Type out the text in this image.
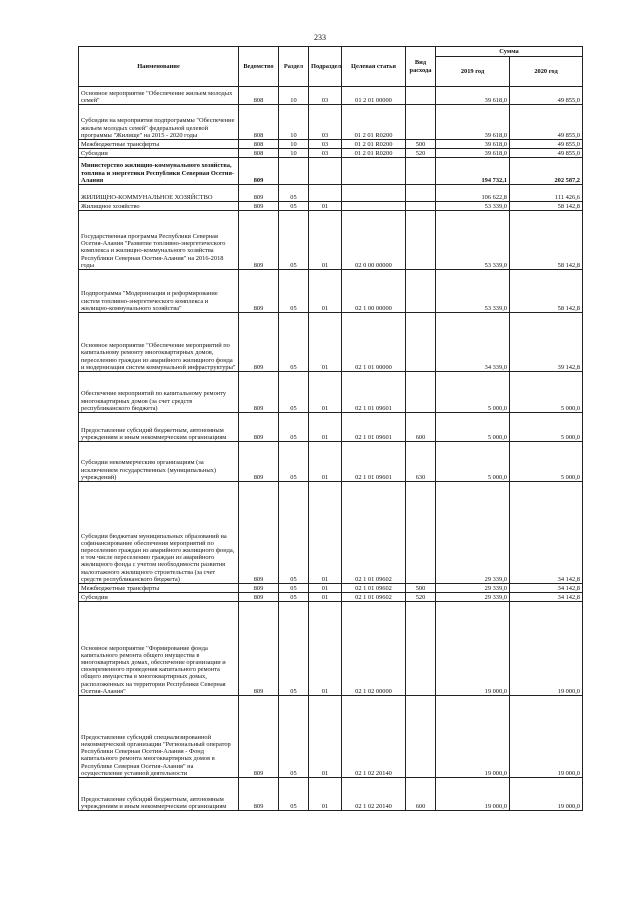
233
Наименование	Ведомство	Раздел	Подраздел	Целевая статья	Вид расхода	Сумма	
						2019 год	2020 год
Основное мероприятие "Обеспечение жильем молодых семей"	808	10	03	01 2 01 00000		39 618,0	49 855,0
Субсидии на мероприятия подпрограммы "Обеспечение жильем молодых семей" федеральной целевой программы "Жилище" на 2015 - 2020 годы	808	10	03	01 2 01 R0200		39 618,0	49 855,0
Межбюджетные трансферты	808	10	03	01 2 01 R0200	500	39 618,0	49 855,0
Субсидии	808	10	03	01 2 01 R0200	520	39 618,0	49 855,0
Министерство жилищно-коммунального хозяйства, топлива и энергетики Республики Северная Осетия-Алания	809					194 732,1	202 587,2
ЖИЛИЩНО-КОММУНАЛЬНОЕ ХОЗЯЙСТВО	809	05				106 622,8	111 426,6
Жилищное хозяйство	809	05	01			53 339,0	58 142,8
Государственная программа Республики Северная Осетия-Алания "Развитие топливно-энергетического комплекса и жилищно-коммунального хозяйства Республики Северная Осетия-Алания" на 2016-2018 годы	809	05	01	02 0 00 00000		53 339,0	58 142,8
Подпрограмма "Модернизация и реформирование систем топливно-энергетического комплекса и жилищно-коммунального хозяйства"	809	05	01	02 1 00 00000		53 339,0	58 142,8
Основное мероприятие "Обеспечение мероприятий по капитальному ремонту многоквартирных домов, переселению граждан из аварийного жилищного фонда и модернизация систем коммунальной инфраструктуры"	809	05	01	02 1 01 00000		34 339,0	39 142,8
Обеспечение мероприятий по капитальному ремонту многоквартирных домов (за счет средств республиканского бюджета)	809	05	01	02 1 01 09601		5 000,0	5 000,0
Предоставление субсидий бюджетным, автономным учреждениям и иным некоммерческим организациям	809	05	01	02 1 01 09601	600	5 000,0	5 000,0
Субсидии некоммерческим организациям (за исключением государственных (муниципальных) учреждений)	809	05	01	02 1 01 09601	630	5 000,0	5 000,0
Субсидии бюджетам муниципальных образований на софинансирование обеспечения мероприятий по переселению граждан из аварийного жилищного фонда, в том числе переселению граждан из аварийного жилищного фонда с учетом необходимости развития малоэтажного жилищного строительства (за счет средств республиканского бюджета)	809	05	01	02 1 01 09602		29 339,0	34 142,8
Межбюджетные трансферты	809	05	01	02 1 01 09602	500	29 339,0	34 142,8
Субсидии	809	05	01	02 1 01 09602	520	29 339,0	34 142,8
Основное мероприятие "Формирование фонда капитального ремонта общего имущества в многоквартирных домах, обеспечение организации и своевременного проведения капитального ремонта общего имущества в многоквартирных домах, расположенных на территории Республики Северная Осетия-Алания"	809	05	01	02 1 02 00000		19 000,0	19 000,0
Предоставление субсидий специализированной некоммерческой организации "Региональный оператор Республики Северная Осетия-Алания - Фонд капитального ремонта многоквартирных домов в Республике Северная Осетия-Алания" на осуществление уставной деятельности	809	05	01	02 1 02 20140		19 000,0	19 000,0
Предоставление субсидий бюджетным, автономным учреждениям и иным некоммерческим организациям	809	05	01	02 1 02 20140	600	19 000,0	19 000,0
